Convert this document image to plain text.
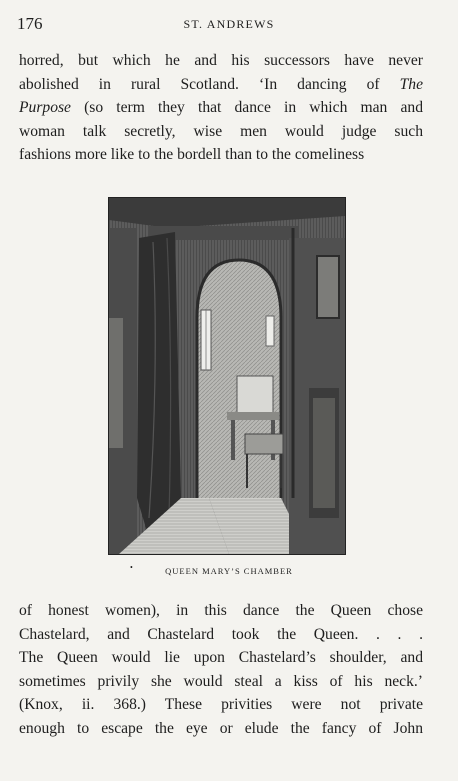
176	ST. ANDREWS
horred, but which he and his successors have never
abolished in rural Scotland. ‘In dancing of The
Purpose (so term they that dance in which man and
woman talk secretly, wise men would judge such
fashions more like to the bordell than to the comeliness
•	QUEEN MARY’S CHAMBER
of honest women), in this dance the Queen chose
Chastelard, and Chastelard took the Queen. . . .
The Queen would lie upon Chastelard’s shoulder, and
sometimes privily she would steal a kiss of his neck.’
(Knox, ii. 368.) These privities were not private
enough to escape the eye or elude the fancy of John
